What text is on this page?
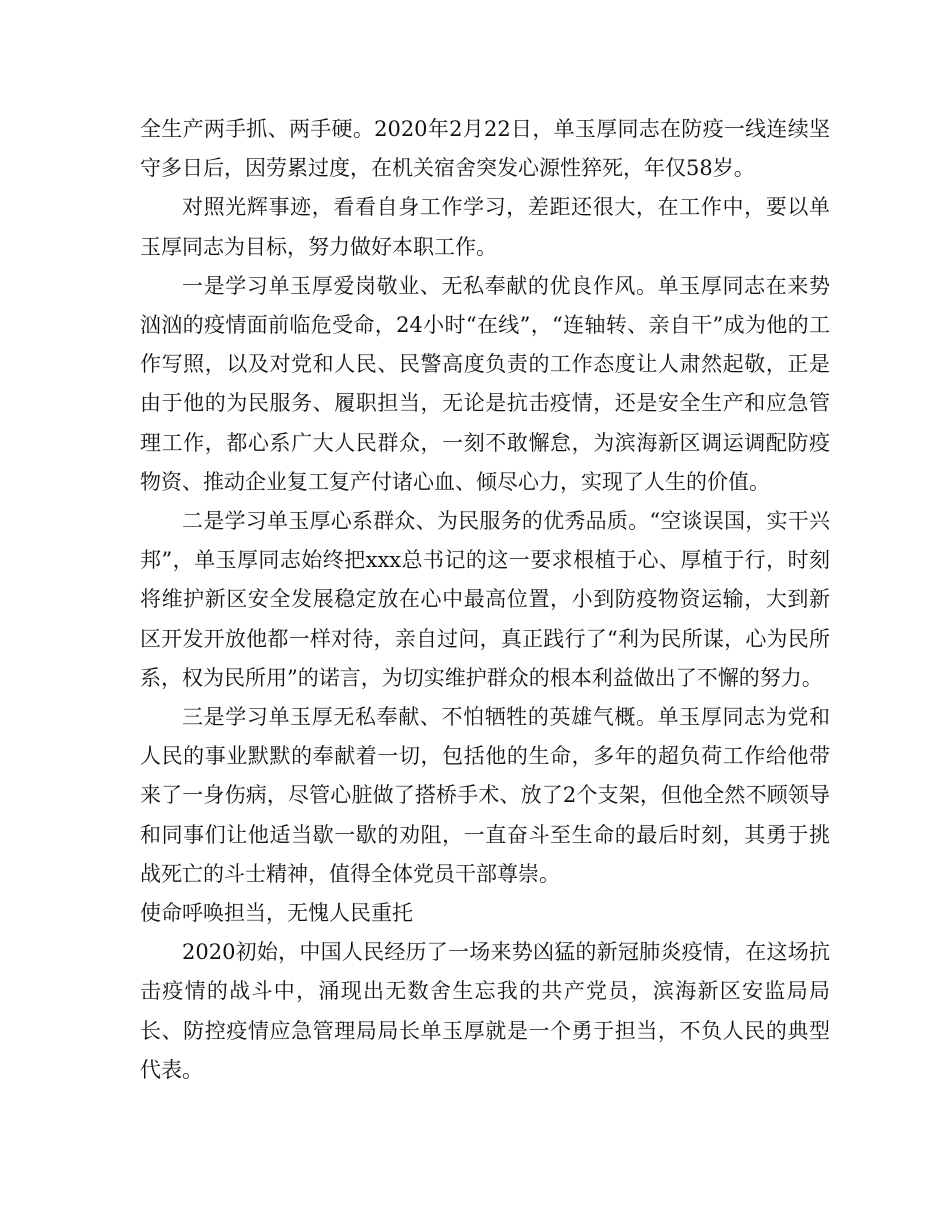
全生产两手抓、两手硬。2020年2月22日，单玉厚同志在防疫一线连续坚守多日后，因劳累过度，在机关宿舍突发心源性猝死，年仅58岁。

对照光辉事迹，看看自身工作学习，差距还很大，在工作中，要以单玉厚同志为目标，努力做好本职工作。

一是学习单玉厚爱岗敬业、无私奉献的优良作风。单玉厚同志在来势汹汹的疫情面前临危受命，24小时“在线”，“连轴转、亲自干”成为他的工作写照，以及对党和人民、民警高度负责的工作态度让人肃然起敬，正是由于他的为民服务、履职担当，无论是抗击疫情，还是安全生产和应急管理工作，都心系广大人民群众，一刻不敢懈怠，为滨海新区调运调配防疫物资、推动企业复工复产付诸心血、倾尽心力，实现了人生的价值。

二是学习单玉厚心系群众、为民服务的优秀品质。“空谈误国，实干兴邦”，单玉厚同志始终把xxx总书记的这一要求根植于心、厚植于行，时刻将维护新区安全发展稳定放在心中最高位置，小到防疫物资运输，大到新区开发开放他都一样对待，亲自过问，真正践行了“利为民所谋，心为民所系，权为民所用”的诺言，为切实维护群众的根本利益做出了不懈的努力。

三是学习单玉厚无私奉献、不怕牺牲的英雄气概。单玉厚同志为党和人民的事业默默的奉献着一切，包括他的生命，多年的超负荷工作给他带来了一身伤病，尽管心脏做了搭桥手术、放了2个支架，但他全然不顾领导和同事们让他适当歇一歇的劝阻，一直奋斗至生命的最后时刻，其勇于挑战死亡的斗士精神，值得全体党员干部尊崇。

使命呼唤担当，无愧人民重托

2020初始，中国人民经历了一场来势凶猛的新冠肺炎疫情，在这场抗击疫情的战斗中，涌现出无数舍生忘我的共产党员，滨海新区安监局局长、防控疫情应急管理局局长单玉厚就是一个勇于担当，不负人民的典型代表。
